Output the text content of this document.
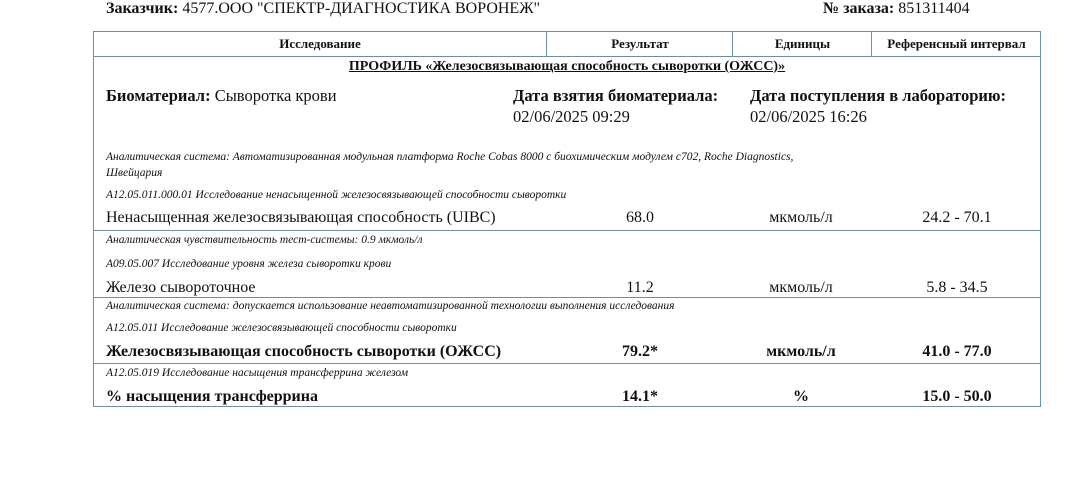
Заказчик: 4577.ООО "СПЕКТР-ДИАГНОСТИКА ВОРОНЕЖ"	№ заказа: 851311404
Исследование	Результат	Единицы	Референсный интервал
ПРОФИЛЬ «Железосвязывающая способность сыворотки (ОЖСС)»
Биоматериал: Сыворотка крови	Дата взятия биоматериала:
02/06/2025 09:29
Дата поступления в лабораторию:
02/06/2025 16:26
Аналитическая система: Автоматизированная модульная платформа Roche Cobas 8000 с биохимическим модулем c702, Roche Diagnostics,
Швейцария
A12.05.011.000.01 Исследование ненасыщенной железосвязывающей способности сыворотки
Ненасыщенная железосвязывающая способность (UIBC)	68.0	мкмоль/л	24.2 - 70.1
Аналитическая чувствительность тест-системы: 0.9 мкмоль/л
A09.05.007 Исследование уровня железа сыворотки крови
Железо сывороточное	11.2	мкмоль/л	5.8 - 34.5
Аналитическая система: допускается использование неавтоматизированной технологии выполнения исследования
A12.05.011 Исследование железосвязывающей способности сыворотки
Железосвязывающая способность сыворотки (ОЖСС)	79.2*	мкмоль/л	41.0 - 77.0
A12.05.019 Исследование насыщения трансферрина железом
% насыщения трансферрина	14.1*	%	15.0 - 50.0
